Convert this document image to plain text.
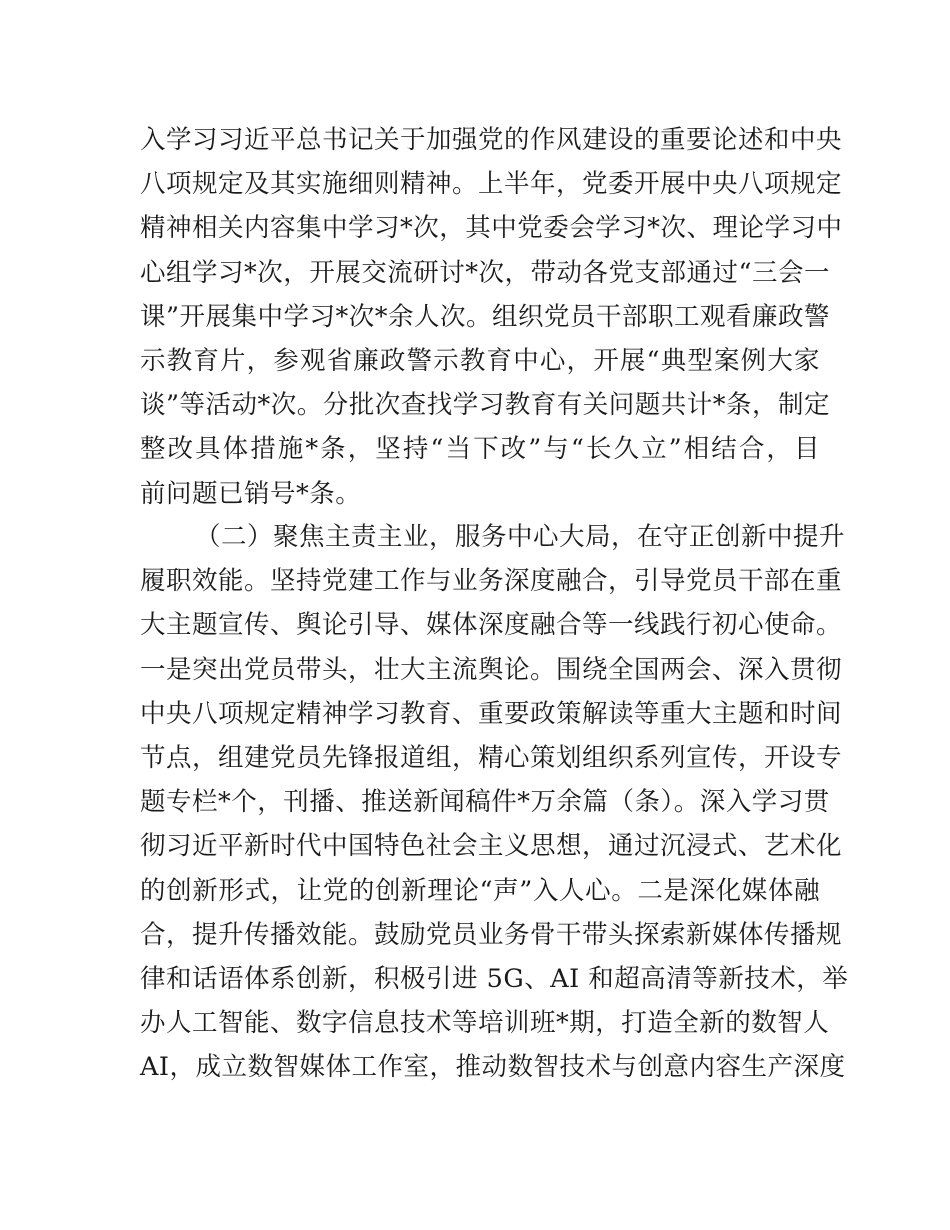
入学习习近平总书记关于加强党的作风建设的重要论述和中央
八项规定及其实施细则精神。上半年，党委开展中央八项规定
精神相关内容集中学习*次，其中党委会学习*次、理论学习中
心组学习*次，开展交流研讨*次，带动各党支部通过“三会一
课”开展集中学习*次*余人次。组织党员干部职工观看廉政警
示教育片，参观省廉政警示教育中心，开展“典型案例大家
谈”等活动*次。分批次查找学习教育有关问题共计*条，制定
整改具体措施*条，坚持“当下改”与“长久立”相结合，目
前问题已销号*条。
（二）聚焦主责主业，服务中心大局，在守正创新中提升
履职效能。坚持党建工作与业务深度融合，引导党员干部在重
大主题宣传、舆论引导、媒体深度融合等一线践行初心使命。
一是突出党员带头，壮大主流舆论。围绕全国两会、深入贯彻
中央八项规定精神学习教育、重要政策解读等重大主题和时间
节点，组建党员先锋报道组，精心策划组织系列宣传，开设专
题专栏*个，刊播、推送新闻稿件*万余篇（条）。深入学习贯
彻习近平新时代中国特色社会主义思想，通过沉浸式、艺术化
的创新形式，让党的创新理论“声”入人心。二是深化媒体融
合，提升传播效能。鼓励党员业务骨干带头探索新媒体传播规
律和话语体系创新，积极引进 5G、AI 和超高清等新技术，举
办人工智能、数字信息技术等培训班*期，打造全新的数智人
AI，成立数智媒体工作室，推动数智技术与创意内容生产深度
